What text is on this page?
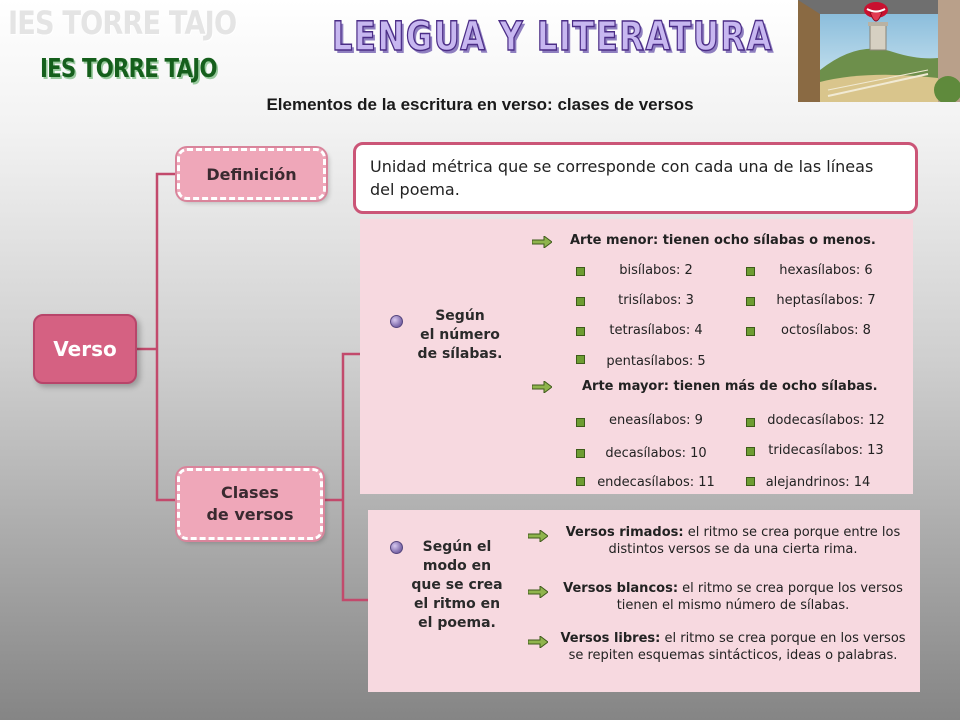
IES TORRE TAJO
IES TORRE TAJO
LENGUA Y LITERATURA
Elementos de la escritura en verso: clases de versos
Verso
Definición	Unidad métrica que se corresponde con cada una de las líneas del poema.
Clases
de versos
Según
el número
de sílabas.
Arte menor: tienen ocho sílabas o menos.
bisílabos: 2
trisílabos: 3
tetrasílabos: 4
pentasílabos: 5
hexasílabos: 6
heptasílabos: 7
octosílabos: 8
Arte mayor: tienen más de ocho sílabas.
eneasílabos: 9
decasílabos: 10
endecasílabos: 11
dodecasílabos: 12
tridecasílabos: 13
alejandrinos: 14
Según el
modo en
que se crea
el ritmo en
el poema.
Versos rimados: el ritmo se crea porque entre los distintos versos se da una cierta rima.
Versos blancos: el ritmo se crea porque los versos tienen el mismo número de sílabas.
Versos libres: el ritmo se crea porque en los versos se repiten esquemas sintácticos, ideas o palabras.
